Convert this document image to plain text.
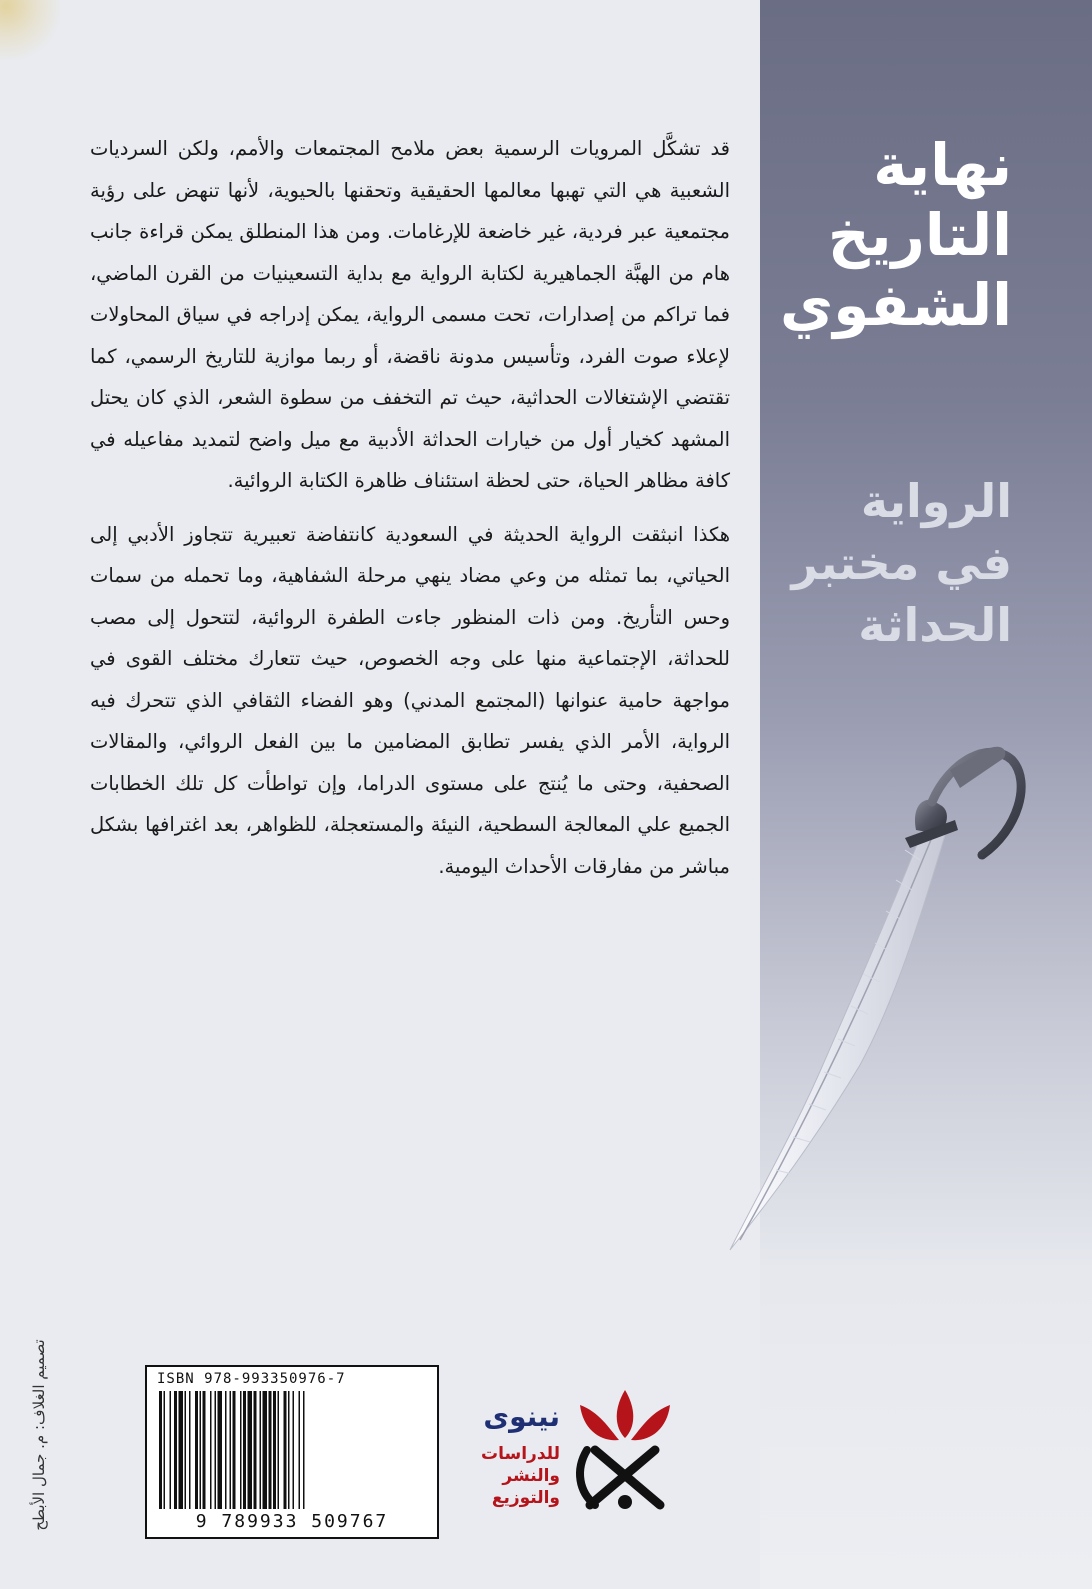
نهاية
التاريخ
الشفوي
الرواية
في مختبر
الحداثة

قد تشكَّل المرويات الرسمية بعض ملامح المجتمعات والأمم، ولكن السرديات الشعبية هي التي تهبها معالمها الحقيقية وتحقنها بالحيوية، لأنها تنهض على رؤية مجتمعية عبر فردية، غير خاضعة للإرغامات. ومن هذا المنطلق يمكن قراءة جانب هام من الهبَّة الجماهيرية لكتابة الرواية مع بداية التسعينيات من القرن الماضي، فما تراكم من إصدارات، تحت مسمى الرواية، يمكن إدراجه في سياق المحاولات لإعلاء صوت الفرد، وتأسيس مدونة ناقضة، أو ربما موازية للتاريخ الرسمي، كما تقتضي الإشتغالات الحداثية، حيث تم التخفف من سطوة الشعر، الذي كان يحتل المشهد كخيار أول من خيارات الحداثة الأدبية مع ميل واضح لتمديد مفاعيله في كافة مظاهر الحياة، حتى لحظة استئناف ظاهرة الكتابة الروائية.

هكذا انبثقت الرواية الحديثة في السعودية كانتفاضة تعبيرية تتجاوز الأدبي إلى الحياتي، بما تمثله من وعي مضاد ينهي مرحلة الشفاهية، وما تحمله من سمات وحس التأريخ. ومن ذات المنظور جاءت الطفرة الروائية، لتتحول إلى مصب للحداثة، الإجتماعية منها على وجه الخصوص، حيث تتعارك مختلف القوى في مواجهة حامية عنوانها (المجتمع المدني) وهو الفضاء الثقافي الذي تتحرك فيه الرواية، الأمر الذي يفسر تطابق المضامين ما بين الفعل الروائي، والمقالات الصحفية، وحتى ما يُنتج على مستوى الدراما، وإن تواطأت كل تلك الخطابات الجميع علي المعالجة السطحية، النيئة والمستعجلة، للظواهر، بعد اغترافها بشكل مباشر من مفارقات الأحداث اليومية.

تصميم الغلاف: م. جمال الأبطح	ISBN 978-993350976-7
9 789933 509767
نينوى
للدراسات
والنشر
والتوزيع
